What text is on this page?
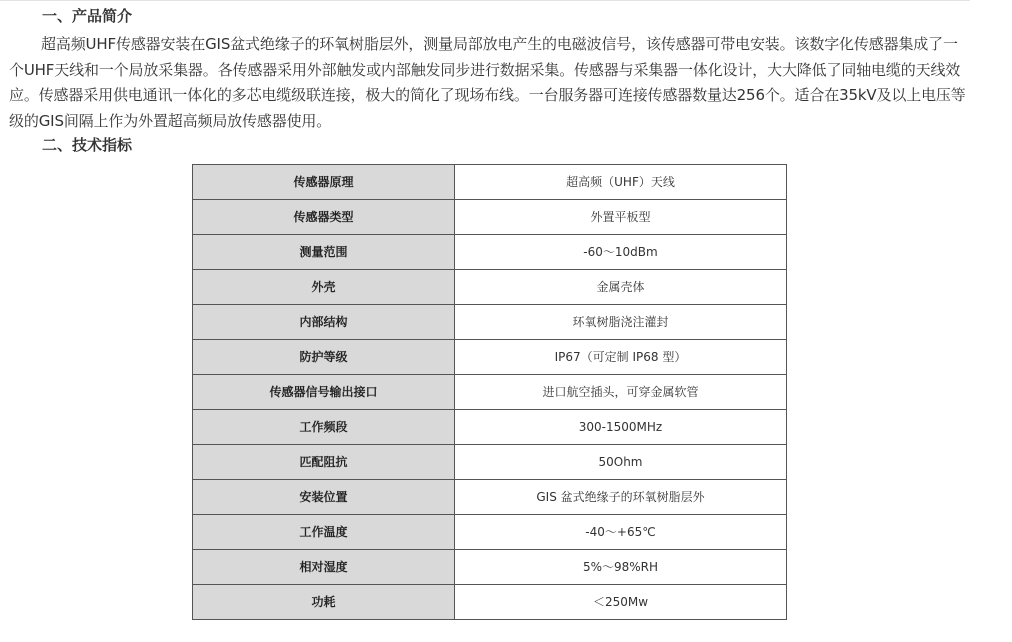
一、产品简介

超高频UHF传感器安装在GIS盆式绝缘子的环氧树脂层外，测量局部放电产生的电磁波信号，该传感器可带电安装。该数字化传感器集成了一个UHF天线和一个局放采集器。各传感器采用外部触发或内部触发同步进行数据采集。传感器与采集器一体化设计，大大降低了同轴电缆的天线效应。传感器采用供电通讯一体化的多芯电缆级联连接，极大的简化了现场布线。一台服务器可连接传感器数量达256个。适合在35kV及以上电压等级的GIS间隔上作为外置超高频局放传感器使用。

二、技术指标
传感器原理	超高频（UHF）天线
传感器类型	外置平板型
测量范围	-60～10dBm
外壳	金属壳体
内部结构	环氧树脂浇注灌封
防护等级	IP67（可定制 IP68 型）
传感器信号输出接口	进口航空插头，可穿金属软管
工作频段	300-1500MHz
匹配阻抗	50Ohm
安装位置	GIS 盆式绝缘子的环氧树脂层外
工作温度	-40～+65℃
相对湿度	5%～98%RH
功耗	＜250Mw
